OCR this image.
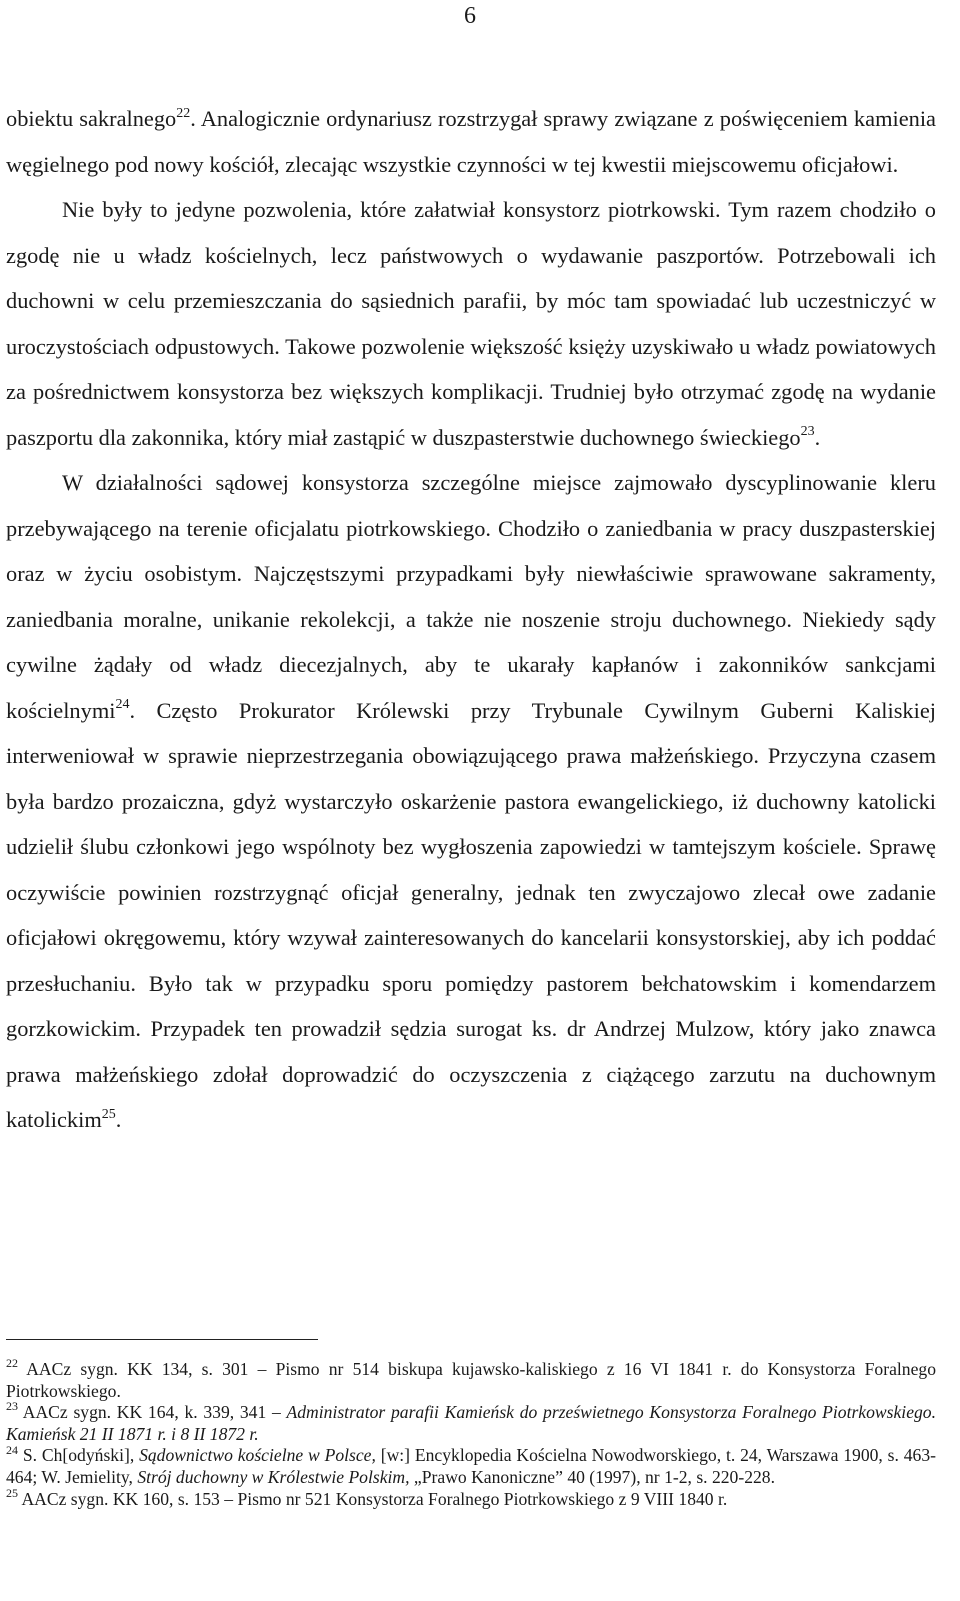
6

obiektu sakralnego$^{22}$. Analogicznie ordynariusz rozstrzygał sprawy związane z poświęceniem kamienia węgielnego pod nowy kościół, zlecając wszystkie czynności w tej kwestii miejscowemu oficjałowi.

Nie były to jedyne pozwolenia, które załatwiał konsystorz piotrkowski. Tym razem chodziło o zgodę nie u władz kościelnych, lecz państwowych o wydawanie paszportów. Potrzebowali ich duchowni w celu przemieszczania do sąsiednich parafii, by móc tam spowiadać lub uczestniczyć w uroczystościach odpustowych. Takowe pozwolenie większość księży uzyskiwało u władz powiatowych za pośrednictwem konsystorza bez większych komplikacji. Trudniej było otrzymać zgodę na wydanie paszportu dla zakonnika, który miał zastąpić w duszpasterstwie duchownego świeckiego$^{23}$.

W działalności sądowej konsystorza szczególne miejsce zajmowało dyscyplinowanie kleru przebywającego na terenie oficjalatu piotrkowskiego. Chodziło o zaniedbania w pracy duszpasterskiej oraz w życiu osobistym. Najczęstszymi przypadkami były niewłaściwie sprawowane sakramenty, zaniedbania moralne, unikanie rekolekcji, a także nie noszenie stroju duchownego. Niekiedy sądy cywilne żądały od władz diecezjalnych, aby te ukarały kapłanów i zakonników sankcjami kościelnymi$^{24}$. Często Prokurator Królewski przy Trybunale Cywilnym Guberni Kaliskiej interweniował w sprawie nieprzestrzegania obowiązującego prawa małżeńskiego. Przyczyna czasem była bardzo prozaiczna, gdyż wystarczyło oskarżenie pastora ewangelickiego, iż duchowny katolicki udzielił ślubu członkowi jego wspólnoty bez wygłoszenia zapowiedzi w tamtejszym kościele. Sprawę oczywiście powinien rozstrzygnąć oficjał generalny, jednak ten zwyczajowo zlecał owe zadanie oficjałowi okręgowemu, który wzywał zainteresowanych do kancelarii konsystorskiej, aby ich poddać przesłuchaniu. Było tak w przypadku sporu pomiędzy pastorem bełchatowskim i komendarzem gorzkowickim. Przypadek ten prowadził sędzia surogat ks. dr Andrzej Mulzow, który jako znawca prawa małżeńskiego zdołał doprowadzić do oczyszczenia z ciążącego zarzutu na duchownym katolickim$^{25}$.

$^{22}$ AACz sygn. KK 134, s. 301 – Pismo nr 514 biskupa kujawsko-kaliskiego z 16 VI 1841 r. do Konsystorza Foralnego Piotrkowskiego.

$^{23}$ AACz sygn. KK 164, k. 339, 341 – Administrator parafii Kamieńsk do prześwietnego Konsystorza Foralnego Piotrkowskiego. Kamieńsk 21 II 1871 r. i 8 II 1872 r.

$^{24}$ S. Ch[odyński], Sądownictwo kościelne w Polsce, [w:] Encyklopedia Kościelna Nowodworskiego, t. 24, Warszawa 1900, s. 463-464; W. Jemielity, Strój duchowny w Królestwie Polskim, „Prawo Kanoniczne” 40 (1997), nr 1-2, s. 220-228.

$^{25}$ AACz sygn. KK 160, s. 153 – Pismo nr 521 Konsystorza Foralnego Piotrkowskiego z 9 VIII 1840 r.
